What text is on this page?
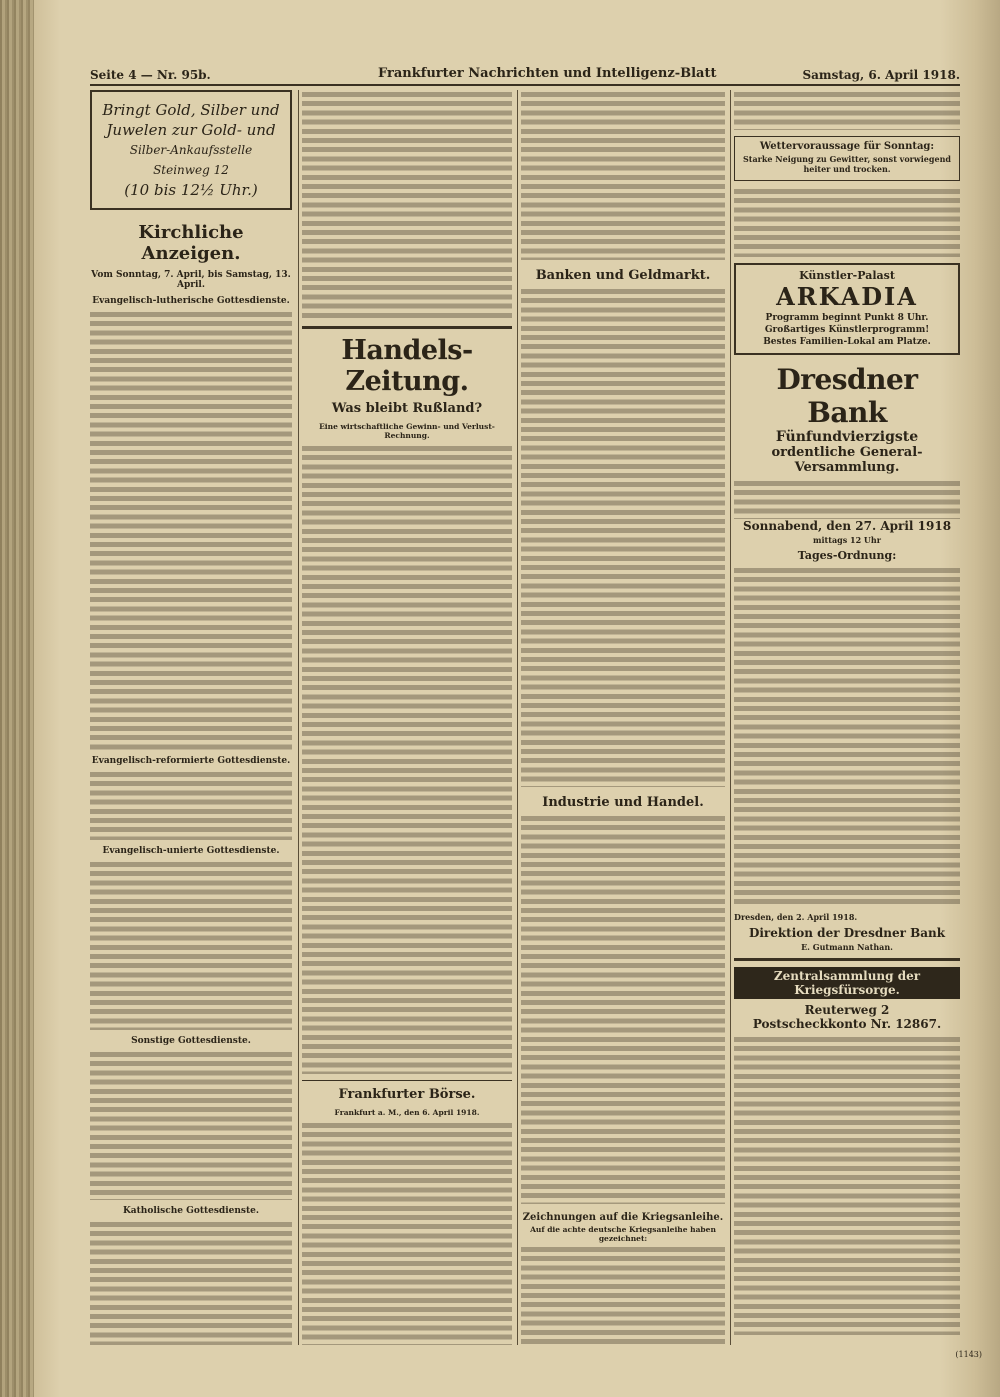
Seite 4 — Nr. 95b.	Frankfurter Nachrichten und Intelligenz-Blatt	Samstag, 6. April 1918.
Bringt Gold, Silber und
Juwelen zur Gold- und
Silber-Ankaufsstelle Steinweg 12
(10 bis 12½ Uhr.)
Kirchliche Anzeigen.
Vom Sonntag, 7. April, bis Samstag, 13. April.
Evangelisch-lutherische Gottesdienste.
Evangelisch-reformierte Gottesdienste.
Evangelisch-unierte Gottesdienste.
Sonstige Gottesdienste.
Katholische Gottesdienste.
Handels-Zeitung.
Was bleibt Rußland?
Eine wirtschaftliche Gewinn- und Verlust-Rechnung.
Frankfurter Börse.
Frankfurt a. M., den 6. April 1918.
Banken und Geldmarkt.
Industrie und Handel.
Zeichnungen auf die Kriegsanleihe.
Auf die achte deutsche Kriegsanleihe haben gezeichnet:
Wettervoraussage für Sonntag:
Starke Neigung zu Gewitter, sonst vorwiegend heiter und trocken.
Künstler-Palast
ARKADIA
Programm beginnt Punkt 8 Uhr.
Großartiges Künstlerprogramm!
Bestes Familien-Lokal am Platze.
Dresdner Bank
Fünfundvierzigste
ordentliche General-Versammlung.
Sonnabend, den 27. April 1918
mittags 12 Uhr
Tages-Ordnung:
Dresden, den 2. April 1918.
Direktion der Dresdner Bank
E. Gutmann Nathan.
Zentralsammlung der Kriegsfürsorge.
Reuterweg 2
Postscheckkonto Nr. 12867.
(1143)
